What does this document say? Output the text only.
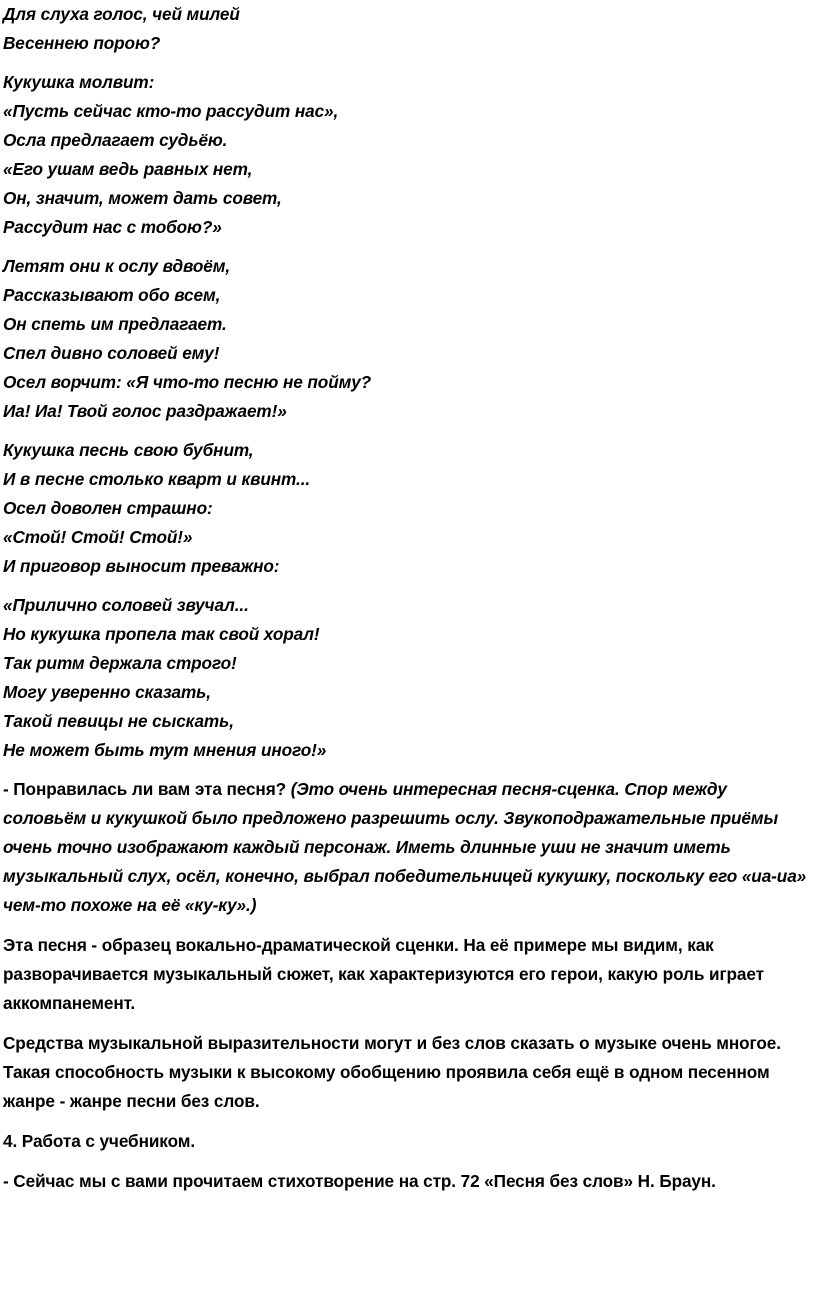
Для слуха голос, чей милей
Весеннею порою?
Кукушка молвит:
«Пусть сейчас кто-то рассудит нас»,
Осла предлагает судьёю.
«Его ушам ведь равных нет,
Он, значит, может дать совет,
Рассудит нас с тобою?»
Летят они к ослу вдвоём,
Рассказывают обо всем,
Он спеть им предлагает.
Спел дивно соловей ему!
Осел ворчит: «Я что-то песню не пойму?
Иа! Иа! Твой голос раздражает!»
Кукушка песнь свою бубнит,
И в песне столько кварт и квинт...
Осел доволен страшно:
«Стой! Стой! Стой!»
И приговор выносит преважно:
«Прилично соловей звучал...
Но кукушка пропела так свой хорал!
Так ритм держала строго!
Могу уверенно сказать,
Такой певицы не сыскать,
Не может быть тут мнения иного!»

- Понравилась ли вам эта песня? (Это очень интересная песня-сценка. Спор между соловьём и кукушкой было предложено разрешить ослу. Звукоподражательные приёмы очень точно изображают каждый персонаж. Иметь длинные уши не значит иметь музыкальный слух, осёл, конечно, выбрал победительницей кукушку, поскольку его «иа-иа» чем-то похоже на её «ку-ку».)

Эта песня - образец вокально-драматической сценки. На её примере мы видим, как разворачивается музыкальный сюжет, как характеризуются его герои, какую роль играет аккомпанемент.

Средства музыкальной выразительности могут и без слов сказать о музыке очень многое. Такая способность музыки к высокому обобщению проявила себя ещё в одном песенном жанре - жанре песни без слов.

4. Работа с учебником.

- Сейчас мы с вами прочитаем стихотворение на стр. 72 «Песня без слов» Н. Браун.
